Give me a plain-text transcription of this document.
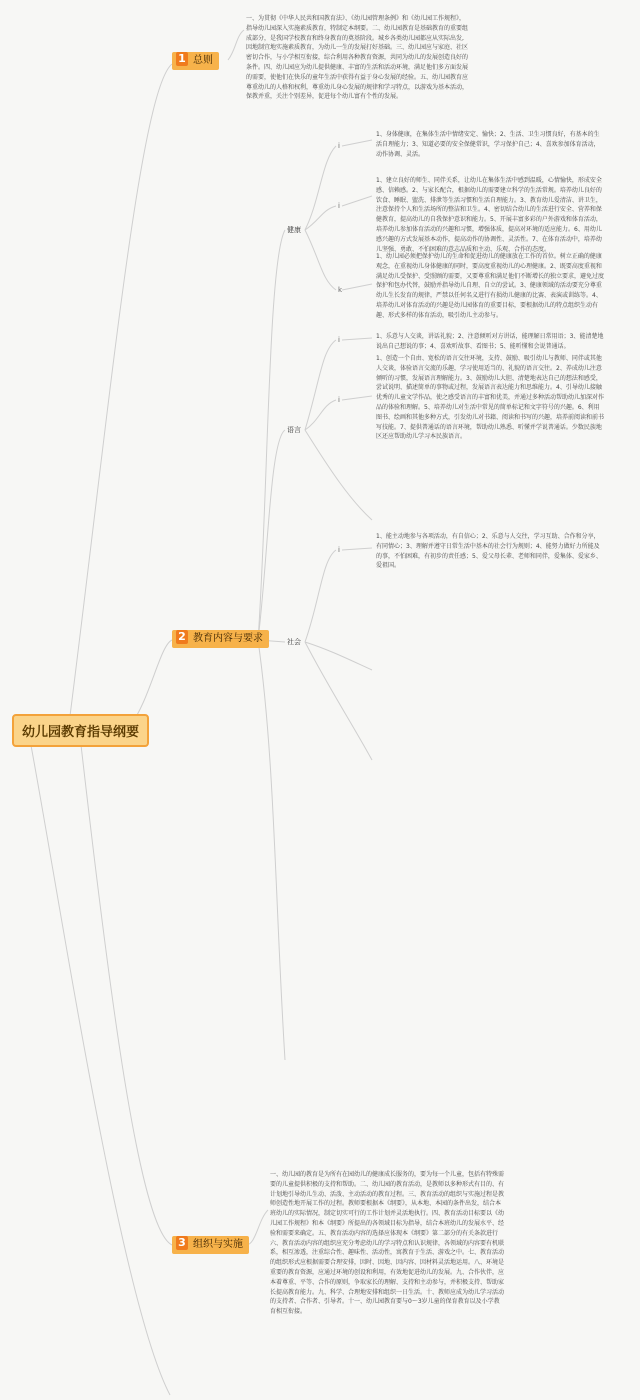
幼儿园教育指导纲要
1 总则
2 教育内容与要求
3 组织与实施
一、为贯彻《中华人民共和国教育法》、《幼儿园管理条例》和《幼儿园工作规程》，指导幼儿园深入实施素质教育，特制定本纲要。二、幼儿园教育是基础教育的重要组成部分，是我国学校教育和终身教育的奠基阶段。城乡各类幼儿园都应从实际出发,因地制宜地实施素质教育，为幼儿一生的发展打好基础。三、幼儿园应与家庭、社区密切合作，与小学相互衔接，综合利用各种教育资源，共同为幼儿的发展创造良好的条件。四、幼儿园应为幼儿提供健康、丰富的生活和活动环境，满足他们多方面发展的需要，使他们在快乐的童年生活中获得有益于身心发展的经验。五、幼儿园教育应尊重幼儿的人格和权利，尊重幼儿身心发展的规律和学习特点，以游戏为基本活动，保教并重，关注个别差异，促进每个幼儿富有个性的发展。
健康
语言
社会
i
i
k
i
i
i
1、身体健康，在集体生活中情绪安定、愉快；2、生活、卫生习惯良好，有基本的生活自理能力；3、知道必要的安全保健常识，学习保护自己；4、喜欢参加体育活动，动作协调、灵活。
1、建立良好的师生、同伴关系，让幼儿在集体生活中感到温暖，心情愉快，形成安全感、信赖感。2、与家长配合，根据幼儿的需要建立科学的生活常规。培养幼儿良好的饮食、睡眠、盥洗、排泄等生活习惯和生活自理能力。3、教育幼儿爱清洁、讲卫生，注意保持个人和生活场所的整洁和卫生。4、密切结合幼儿的生活进行安全、营养和保健教育，提高幼儿的自我保护意识和能力。5、开展丰富多彩的户外游戏和体育活动，培养幼儿参加体育活动的兴趣和习惯，增强体质，提高对环境的适应能力。6、用幼儿感兴趣的方式发展基本动作，提高动作的协调性、灵活性。7、在体育活动中，培养幼儿坚强、勇敢、不怕困难的意志品质和主动、乐观、合作的态度。
1、幼儿园必须把保护幼儿的生命和促进幼儿的健康放在工作的首位。树立正确的健康观念，在重视幼儿身体健康的同时，要高度重视幼儿的心理健康。2、既要高度重视和满足幼儿受保护、受照顾的需要，又要尊重和满足他们不断增长的独立要求，避免过度保护和包办代替，鼓励并指导幼儿自理、自立的尝试。3、健康领域的活动要充分尊重幼儿生长发育的规律，严禁以任何名义进行有损幼儿健康的比赛、表演或训练等。4、培养幼儿对体育活动的兴趣是幼儿园体育的重要目标，要根据幼儿的特点组织生动有趣、形式多样的体育活动，吸引幼儿主动参与。
1、乐意与人交谈，讲话礼貌；2、注意倾听对方讲话，能理解日常用语；3、能清楚地说出自己想说的事；4、喜欢听故事、看图书；5、能听懂和会说普通话。
1、创造一个自由、宽松的语言交往环境，支持、鼓励、吸引幼儿与教师、同伴或其他人交谈，体验语言交流的乐趣，学习使用适当的、礼貌的语言交往。2、养成幼儿注意倾听的习惯，发展语言理解能力。3、鼓励幼儿大胆、清楚地表达自己的想法和感受，尝试说明、描述简单的事物或过程，发展语言表达能力和思维能力。4、引导幼儿接触优秀的儿童文学作品，使之感受语言的丰富和优美，并通过多种活动帮助幼儿加深对作品的体验和理解。5、培养幼儿对生活中常见的简单标记和文字符号的兴趣。6、利用图书、绘画和其他多种方式，引发幼儿对书籍、阅读和书写的兴趣，培养前阅读和前书写技能。7、提供普通话的语言环境，帮助幼儿熟悉、听懂并学说普通话。少数民族地区还应帮助幼儿学习本民族语言。
1、能主动地参与各项活动，有自信心；2、乐意与人交往，学习互助、合作和分享，有同情心；3、理解并遵守日常生活中基本的社会行为规则；4、能努力做好力所能及的事，不怕困难，有初步的责任感；5、爱父母长辈、老师和同伴，爱集体、爱家乡、爱祖国。
一、幼儿园的教育是为所有在园幼儿的健康成长服务的，要为每一个儿童，包括有特殊需要的儿童提供积极的支持和帮助。二、幼儿园的教育活动，是教师以多种形式有目的、有计划地引导幼儿生动、活泼、主动活动的教育过程。三、教育活动的组织与实施过程是教师创造性地开展工作的过程。教师要根据本《纲要》，从本地、本园的条件出发，结合本班幼儿的实际情况，制定切实可行的工作计划并灵活地执行。四、教育活动目标要以《幼儿园工作规程》和本《纲要》所提出的各领域目标为指导，结合本班幼儿的发展水平、经验和需要来确定。五、教育活动内容的选择应体现本《纲要》第二部分的有关条款进行 六、教育活动内容的组织应充分考虑幼儿的学习特点和认识规律，各领域的内容要有机联系，相互渗透，注重综合性、趣味性、活动性，寓教育于生活、游戏之中。七、教育活动的组织形式应根据需要合理安排，因时、因地、因内容、因材料灵活地运用。八、环境是重要的教育资源，应通过环境的创设和利用，有效地促进幼儿的发展。九、合作伙伴，应本着尊重、平等、合作的原则，争取家长的理解、支持和主动参与，并积极支持、帮助家长提高教育能力。九、科学、合理地安排和组织一日生活。十、教师应成为幼儿学习活动的支持者、合作者、引导者。十一、幼儿园教育要与0～3岁儿童的保育教育以及小学教育相互衔接。
